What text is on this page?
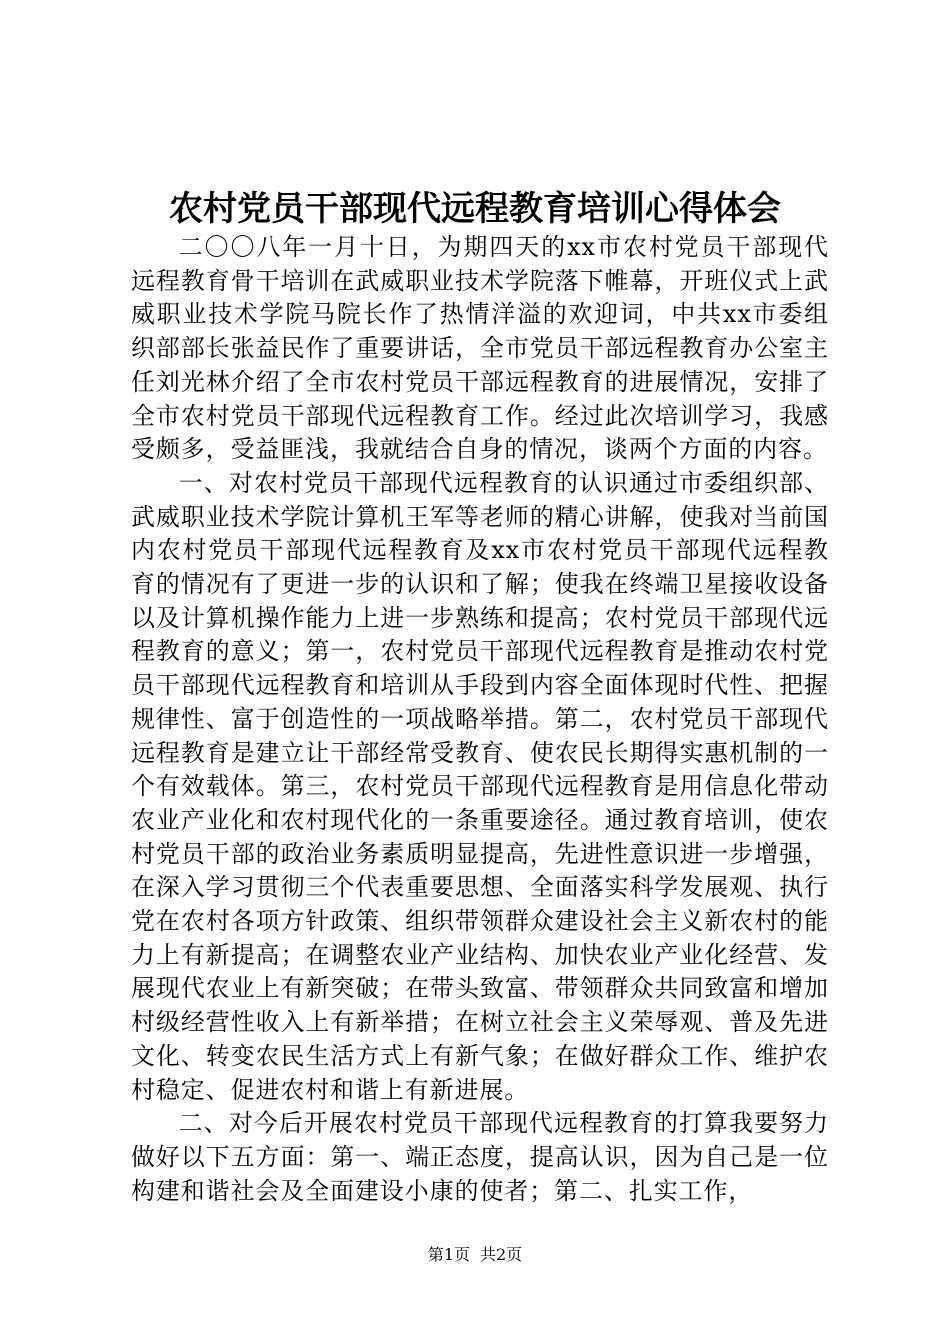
农村党员干部现代远程教育培训心得体会

二〇〇八年一月十日，为期四天的xx市农村党员干部现代远程教育骨干培训在武威职业技术学院落下帷幕，开班仪式上武威职业技术学院马院长作了热情洋溢的欢迎词，中共xx市委组织部部长张益民作了重要讲话，全市党员干部远程教育办公室主任刘光林介绍了全市农村党员干部远程教育的进展情况，安排了全市农村党员干部现代远程教育工作。经过此次培训学习，我感受颇多，受益匪浅，我就结合自身的情况，谈两个方面的内容。

一、对农村党员干部现代远程教育的认识通过市委组织部、武威职业技术学院计算机王军等老师的精心讲解，使我对当前国内农村党员干部现代远程教育及xx市农村党员干部现代远程教育的情况有了更进一步的认识和了解；使我在终端卫星接收设备以及计算机操作能力上进一步熟练和提高；农村党员干部现代远程教育的意义；第一，农村党员干部现代远程教育是推动农村党员干部现代远程教育和培训从手段到内容全面体现时代性、把握规律性、富于创造性的一项战略举措。第二，农村党员干部现代远程教育是建立让干部经常受教育、使农民长期得实惠机制的一个有效载体。第三，农村党员干部现代远程教育是用信息化带动农业产业化和农村现代化的一条重要途径。通过教育培训，使农村党员干部的政治业务素质明显提高，先进性意识进一步增强，在深入学习贯彻三个代表重要思想、全面落实科学发展观、执行党在农村各项方针政策、组织带领群众建设社会主义新农村的能力上有新提高；在调整农业产业结构、加快农业产业化经营、发展现代农业上有新突破；在带头致富、带领群众共同致富和增加村级经营性收入上有新举措；在树立社会主义荣辱观、普及先进文化、转变农民生活方式上有新气象；在做好群众工作、维护农村稳定、促进农村和谐上有新进展。

二、对今后开展农村党员干部现代远程教育的打算我要努力做好以下五方面：第一、端正态度，提高认识，因为自己是一位构建和谐社会及全面建设小康的使者；第二、扎实工作，

第1页 共2页
